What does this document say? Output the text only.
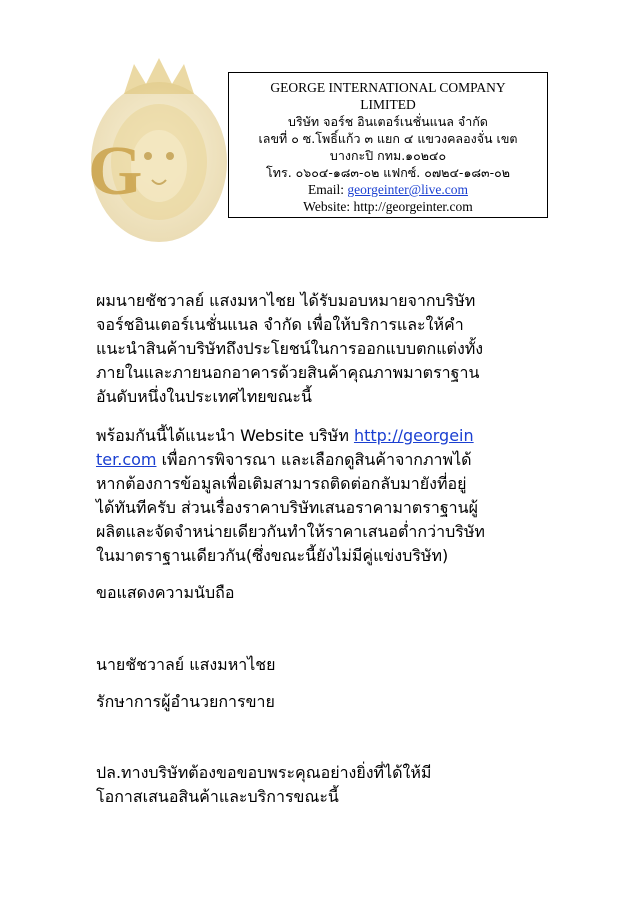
G
GEORGE INTERNATIONAL COMPANY
LIMITED
บริษัท จอร์ช อินเตอร์เนชั่นแนล จำกัด
เลขที่ ๐ ซ.โพธิ์แก้ว ๓ แยก ๔ แขวงคลองจั่น เขต
บางกะปิ กทม.๑๐๒๔๐
โทร. ๐๖๐๔-๑๘๓-๐๒ แฟกซ์. ๐๗๒๔-๑๘๓-๐๒
Email: georgeinter@live.com
Website: http://georgeinter.com
ผมนายชัชวาลย์ แสงมหาไชย ได้รับมอบหมายจากบริษัท
จอร์ชอินเตอร์เนชั่นแนล จำกัด เพื่อให้บริการและให้คำ
แนะนำสินค้าบริษัทถึงประโยชน์ในการออกแบบตกแต่งทั้ง
ภายในและภายนอกอาคารด้วยสินค้าคุณภาพมาตราฐาน
อันดับหนึ่งในประเทศไทยขณะนี้
พร้อมกันนี้ได้แนะนำ Website บริษัท http://georgein
ter.com เพื่อการพิจารณา และเลือกดูสินค้าจากภาพได้
หากต้องการข้อมูลเพื่อเติมสามารถติดต่อกลับมายังที่อยู่
ได้ทันทีครับ ส่วนเรื่องราคาบริษัทเสนอราคามาตราฐานผู้
ผลิตและจัดจำหน่ายเดียวกันทำให้ราคาเสนอต่ำกว่าบริษัท
ในมาตราฐานเดียวกัน(ซึ่งขณะนี้ยังไม่มีคู่แข่งบริษัท)
ขอแสดงความนับถือ
นายชัชวาลย์ แสงมหาไชย
รักษาการผู้อำนวยการขาย
ปล.ทางบริษัทต้องขอขอบพระคุณอย่างยิ่งที่ได้ให้มี
โอกาสเสนอสินค้าและบริการขณะนี้
